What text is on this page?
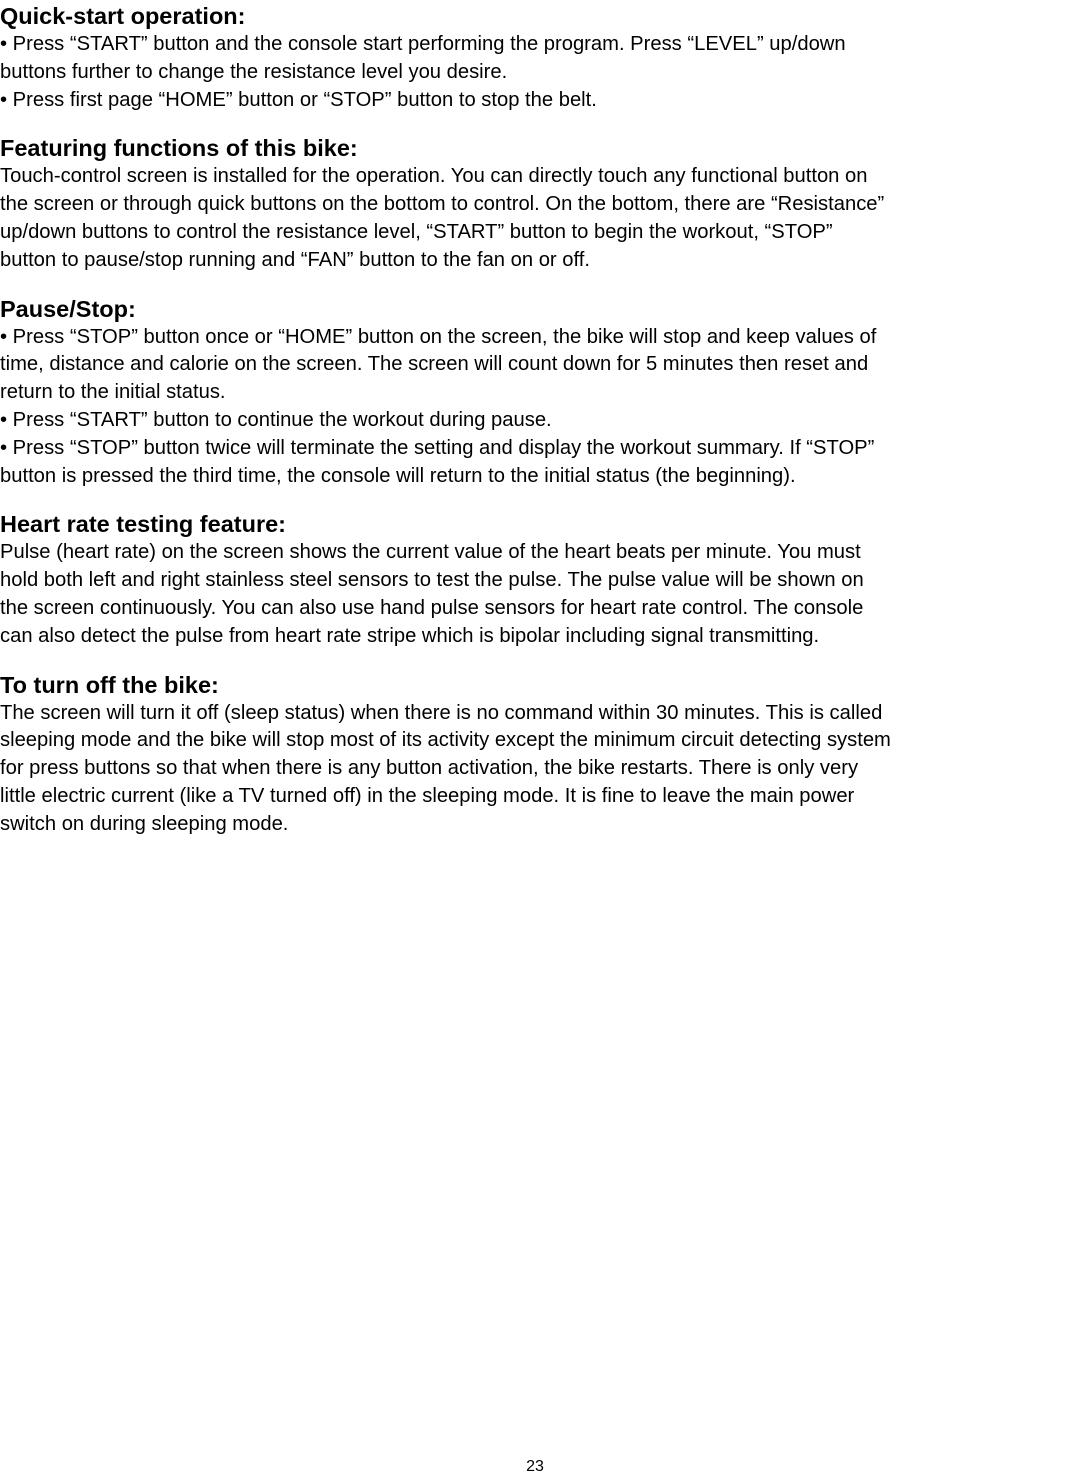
Quick-start operation:
• Press “START” button and the console start performing the program. Press “LEVEL” up/down
buttons further to change the resistance level you desire.
• Press first page “HOME” button or “STOP” button to stop the belt.
Featuring functions of this bike:
Touch-control screen is installed for the operation. You can directly touch any functional button on
the screen or through quick buttons on the bottom to control. On the bottom, there are “Resistance”
up/down buttons to control the resistance level, “START” button to begin the workout, “STOP”
button to pause/stop running and “FAN” button to the fan on or off.
Pause/Stop:
• Press “STOP” button once or “HOME” button on the screen, the bike will stop and keep values of
time, distance and calorie on the screen. The screen will count down for 5 minutes then reset and
return to the initial status.
• Press “START” button to continue the workout during pause.
• Press “STOP” button twice will terminate the setting and display the workout summary. If “STOP”
button is pressed the third time, the console will return to the initial status (the beginning).
Heart rate testing feature:
Pulse (heart rate) on the screen shows the current value of the heart beats per minute. You must
hold both left and right stainless steel sensors to test the pulse. The pulse value will be shown on
the screen continuously. You can also use hand pulse sensors for heart rate control. The console
can also detect the pulse from heart rate stripe which is bipolar including signal transmitting.
To turn off the bike:
The screen will turn it off (sleep status) when there is no command within 30 minutes. This is called
sleeping mode and the bike will stop most of its activity except the minimum circuit detecting system
for press buttons so that when there is any button activation, the bike restarts. There is only very
little electric current (like a TV turned off) in the sleeping mode. It is fine to leave the main power
switch on during sleeping mode.
23
